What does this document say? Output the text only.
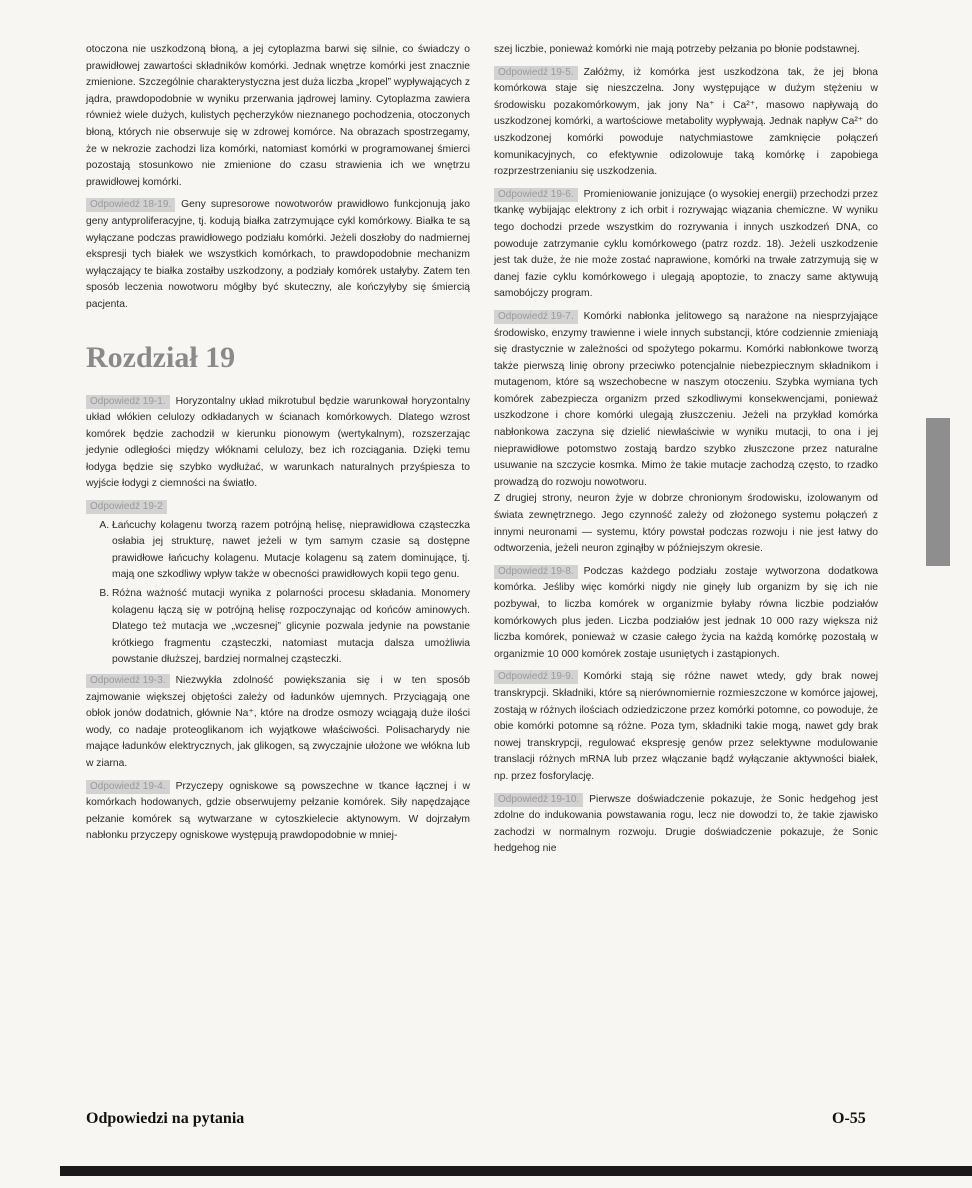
otoczona nie uszkodzoną błoną, a jej cytoplazma barwi się silnie, co świadczy o prawidłowej zawartości składników komórki. Jednak wnętrze komórki jest znacznie zmienione. Szczególnie charakterystyczna jest duża liczba „kropel” wypływających z jądra, prawdopodobnie w wyniku przerwania jądrowej laminy. Cytoplazma zawiera również wiele dużych, kulistych pęcherzyków nieznanego pochodzenia, otoczonych błoną, których nie obserwuje się w zdrowej komórce. Na obrazach spostrzegamy, że w nekrozie zachodzi liza komórki, natomiast komórki w programowanej śmierci pozostają stosunkowo nie zmienione do czasu strawienia ich we wnętrzu prawidłowej komórki.

Odpowiedź 18-19. Geny supresorowe nowotworów prawidłowo funkcjonują jako geny antyproliferacyjne, tj. kodują białka zatrzymujące cykl komórkowy. Białka te są wyłączane podczas prawidłowego podziału komórki. Jeżeli doszłoby do nadmiernej ekspresji tych białek we wszystkich komórkach, to prawdopodobnie mechanizm wyłączający te białka zostałby uszkodzony, a podziały komórek ustałyby. Zatem ten sposób leczenia nowotworu mógłby być skuteczny, ale kończyłyby się śmiercią pacjenta.

Rozdział 19

Odpowiedź 19-1. Horyzontalny układ mikrotubul będzie warunkował horyzontalny układ włókien celulozy odkładanych w ścianach komórkowych. Dlatego wzrost komórek będzie zachodził w kierunku pionowym (wertykalnym), rozszerzając jedynie odległości między włóknami celulozy, bez ich rozciągania. Dzięki temu łodyga będzie się szybko wydłużać, w warunkach naturalnych przyśpiesza to wyjście łodygi z ciemności na światło.

Odpowiedź 19-2
A. Łańcuchy kolagenu tworzą razem potrójną helisę, nieprawidłowa cząsteczka osłabia jej strukturę, nawet jeżeli w tym samym czasie są dostępne prawidłowe łańcuchy kolagenu. Mutacje kolagenu są zatem dominujące, tj. mają one szkodliwy wpływ także w obecności prawidłowych kopii tego genu.
B. Różna ważność mutacji wynika z polarności procesu składania. Monomery kolagenu łączą się w potrójną helisę rozpoczynając od końców aminowych. Dlatego też mutacja we „wczesnej” glicynie pozwala jedynie na powstanie krótkiego fragmentu cząsteczki, natomiast mutacja dalsza umożliwia powstanie dłuższej, bardziej normalnej cząsteczki.

Odpowiedź 19-3. Niezwykła zdolność powiększania się i w ten sposób zajmowanie większej objętości zależy od ładunków ujemnych. Przyciągają one obłok jonów dodatnich, głównie Na⁺, które na drodze osmozy wciągają duże ilości wody, co nadaje proteoglikanom ich wyjątkowe właściwości. Polisacharydy nie mające ładunków elektrycznych, jak glikogen, są zwyczajnie ułożone we włókna lub w ziarna.

Odpowiedź 19-4. Przyczepy ogniskowe są powszechne w tkance łącznej i w komórkach hodowanych, gdzie obserwujemy pełzanie komórek. Siły napędzające pełzanie komórek są wytwarzane w cytoszkielecie aktynowym. W dojrzałym nabłonku przyczepy ogniskowe występują prawdopodobnie w mniej-

szej liczbie, ponieważ komórki nie mają potrzeby pełzania po błonie podstawnej.

Odpowiedź 19-5. Załóżmy, iż komórka jest uszkodzona tak, że jej błona komórkowa staje się nieszczelna. Jony występujące w dużym stężeniu w środowisku pozakomórkowym, jak jony Na⁺ i Ca²⁺, masowo napływają do uszkodzonej komórki, a wartościowe metabolity wypływają. Jednak napływ Ca²⁺ do uszkodzonej komórki powoduje natychmiastowe zamknięcie połączeń komunikacyjnych, co efektywnie odizolowuje taką komórkę i zapobiega rozprzestrzenianiu się uszkodzenia.

Odpowiedź 19-6. Promieniowanie jonizujące (o wysokiej energii) przechodzi przez tkankę wybijając elektrony z ich orbit i rozrywając wiązania chemiczne. W wyniku tego dochodzi przede wszystkim do rozrywania i innych uszkodzeń DNA, co powoduje zatrzymanie cyklu komórkowego (patrz rozdz. 18). Jeżeli uszkodzenie jest tak duże, że nie może zostać naprawione, komórki na trwałe zatrzymują się w danej fazie cyklu komórkowego i ulegają apoptozie, to znaczy same aktywują samobójczy program.

Odpowiedź 19-7. Komórki nabłonka jelitowego są narażone na niesprzyjające środowisko, enzymy trawienne i wiele innych substancji, które codziennie zmieniają się drastycznie w zależności od spożytego pokarmu. Komórki nabłonkowe tworzą także pierwszą linię obrony przeciwko potencjalnie niebezpiecznym składnikom i mutagenom, które są wszechobecne w naszym otoczeniu. Szybka wymiana tych komórek zabezpiecza organizm przed szkodliwymi konsekwencjami, ponieważ uszkodzone i chore komórki ulegają złuszczeniu. Jeżeli na przykład komórka nabłonkowa zaczyna się dzielić niewłaściwie w wyniku mutacji, to ona i jej nieprawidłowe potomstwo zostają bardzo szybko złuszczone przez naturalne usuwanie na szczycie kosmka. Mimo że takie mutacje zachodzą często, to rzadko prowadzą do rozwoju nowotworu.

Z drugiej strony, neuron żyje w dobrze chronionym środowisku, izolowanym od świata zewnętrznego. Jego czynność zależy od złożonego systemu połączeń z innymi neuronami — systemu, który powstał podczas rozwoju i nie jest łatwy do odtworzenia, jeżeli neuron zginąłby w późniejszym okresie.

Odpowiedź 19-8. Podczas każdego podziału zostaje wytworzona dodatkowa komórka. Jeśliby więc komórki nigdy nie ginęły lub organizm by się ich nie pozbywał, to liczba komórek w organizmie byłaby równa liczbie podziałów komórkowych plus jeden. Liczba podziałów jest jednak 10 000 razy większa niż liczba komórek, ponieważ w czasie całego życia na każdą komórkę pozostałą w organizmie 10 000 komórek zostaje usuniętych i zastąpionych.

Odpowiedź 19-9. Komórki stają się różne nawet wtedy, gdy brak nowej transkrypcji. Składniki, które są nierównomiernie rozmieszczone w komórce jajowej, zostają w różnych ilościach odziedziczone przez komórki potomne, co powoduje, że obie komórki potomne są różne. Poza tym, składniki takie mogą, nawet gdy brak nowej transkrypcji, regulować ekspresję genów przez selektywne modulowanie translacji różnych mRNA lub przez włączanie bądź wyłączanie aktywności białek, np. przez fosforylację.

Odpowiedź 19-10. Pierwsze doświadczenie pokazuje, że Sonic hedgehog jest zdolne do indukowania powstawania rogu, lecz nie dowodzi to, że takie zjawisko zachodzi w normalnym rozwoju. Drugie doświadczenie pokazuje, że Sonic hedgehog nie

Odpowiedzi na pytania	O-55
